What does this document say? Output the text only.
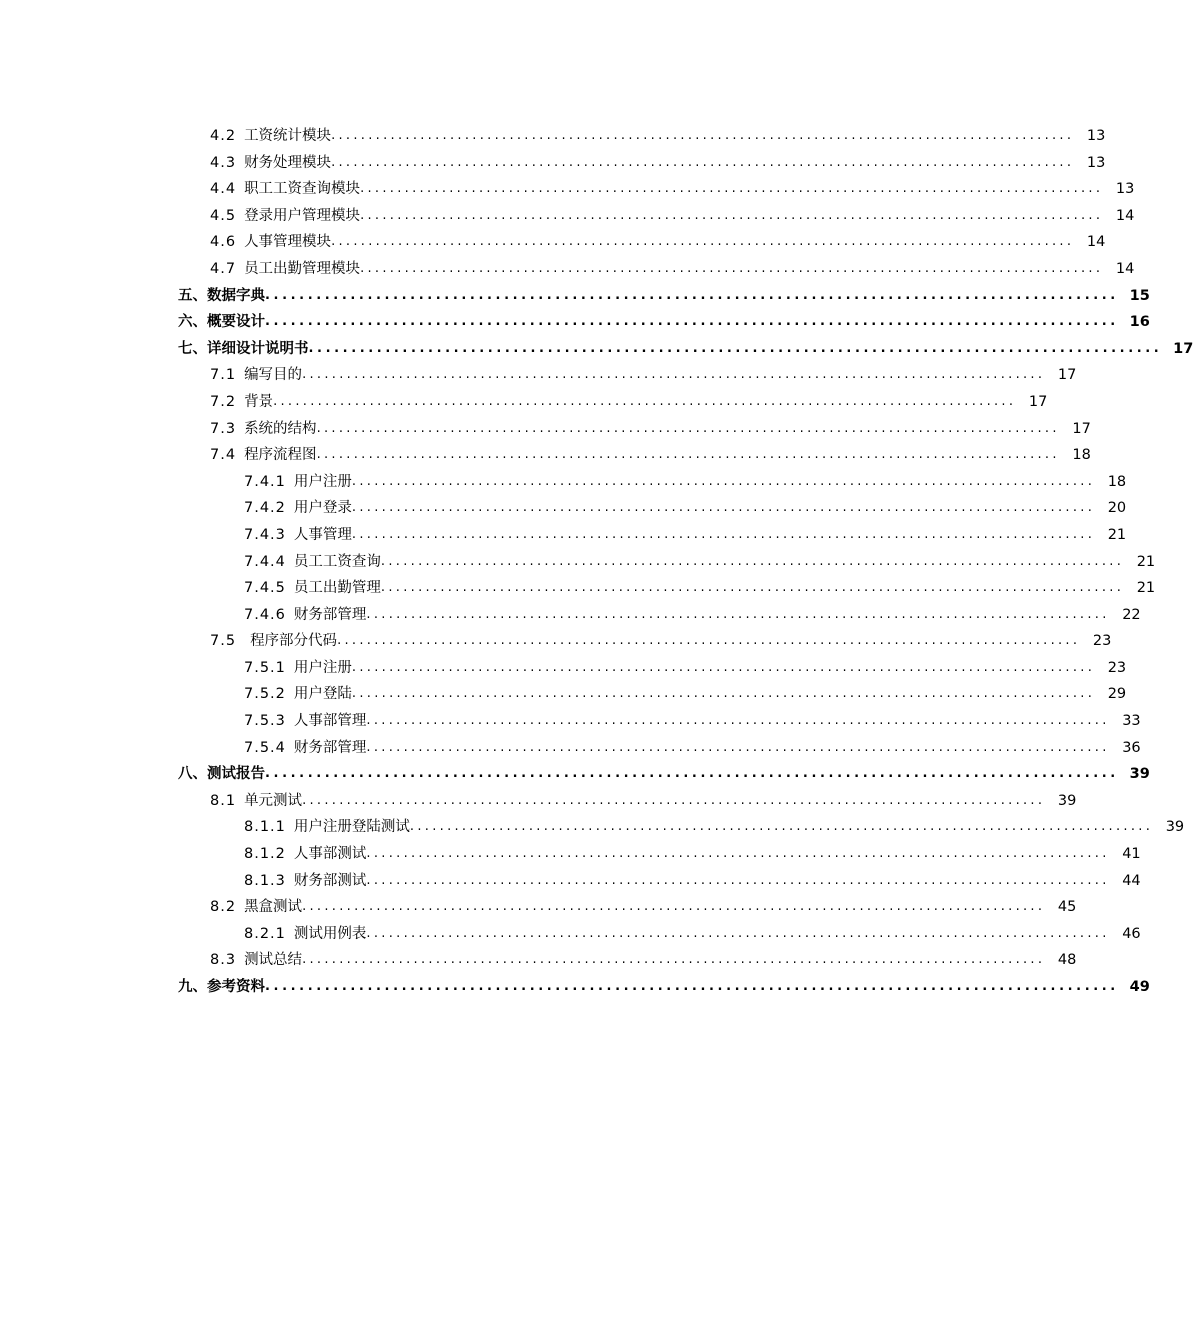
4.2 工资统计模块 .................................................................................................... 13
4.3 财务处理模块 .................................................................................................... 13
4.4 职工工资查询模块 .................................................................................................... 13
4.5 登录用户管理模块 .................................................................................................... 14
4.6 人事管理模块 .................................................................................................... 14
4.7 员工出勤管理模块 .................................................................................................... 14
五、数据字典 .................................................................................................... 15
六、概要设计 .................................................................................................... 16
七、详细设计说明书 .................................................................................................... 17
7.1 编写目的 .................................................................................................... 17
7.2 背景 .................................................................................................... 17
7.3 系统的结构 .................................................................................................... 17
7.4 程序流程图 .................................................................................................... 18
7.4.1 用户注册 .................................................................................................... 18
7.4.2 用户登录 .................................................................................................... 20
7.4.3 人事管理 .................................................................................................... 21
7.4.4 员工工资查询 .................................................................................................... 21
7.4.5 员工出勤管理 .................................................................................................... 21
7.4.6 财务部管理 .................................................................................................... 22
7.5 程序部分代码 .................................................................................................... 23
7.5.1 用户注册 .................................................................................................... 23
7.5.2 用户登陆 .................................................................................................... 29
7.5.3 人事部管理 .................................................................................................... 33
7.5.4 财务部管理 .................................................................................................... 36
八、测试报告 .................................................................................................... 39
8.1 单元测试 .................................................................................................... 39
8.1.1 用户注册登陆测试 .................................................................................................... 39
8.1.2 人事部测试 .................................................................................................... 41
8.1.3 财务部测试 .................................................................................................... 44
8.2 黑盒测试 .................................................................................................... 45
8.2.1 测试用例表 .................................................................................................... 46
8.3 测试总结 .................................................................................................... 48
九、参考资料 .................................................................................................... 49
